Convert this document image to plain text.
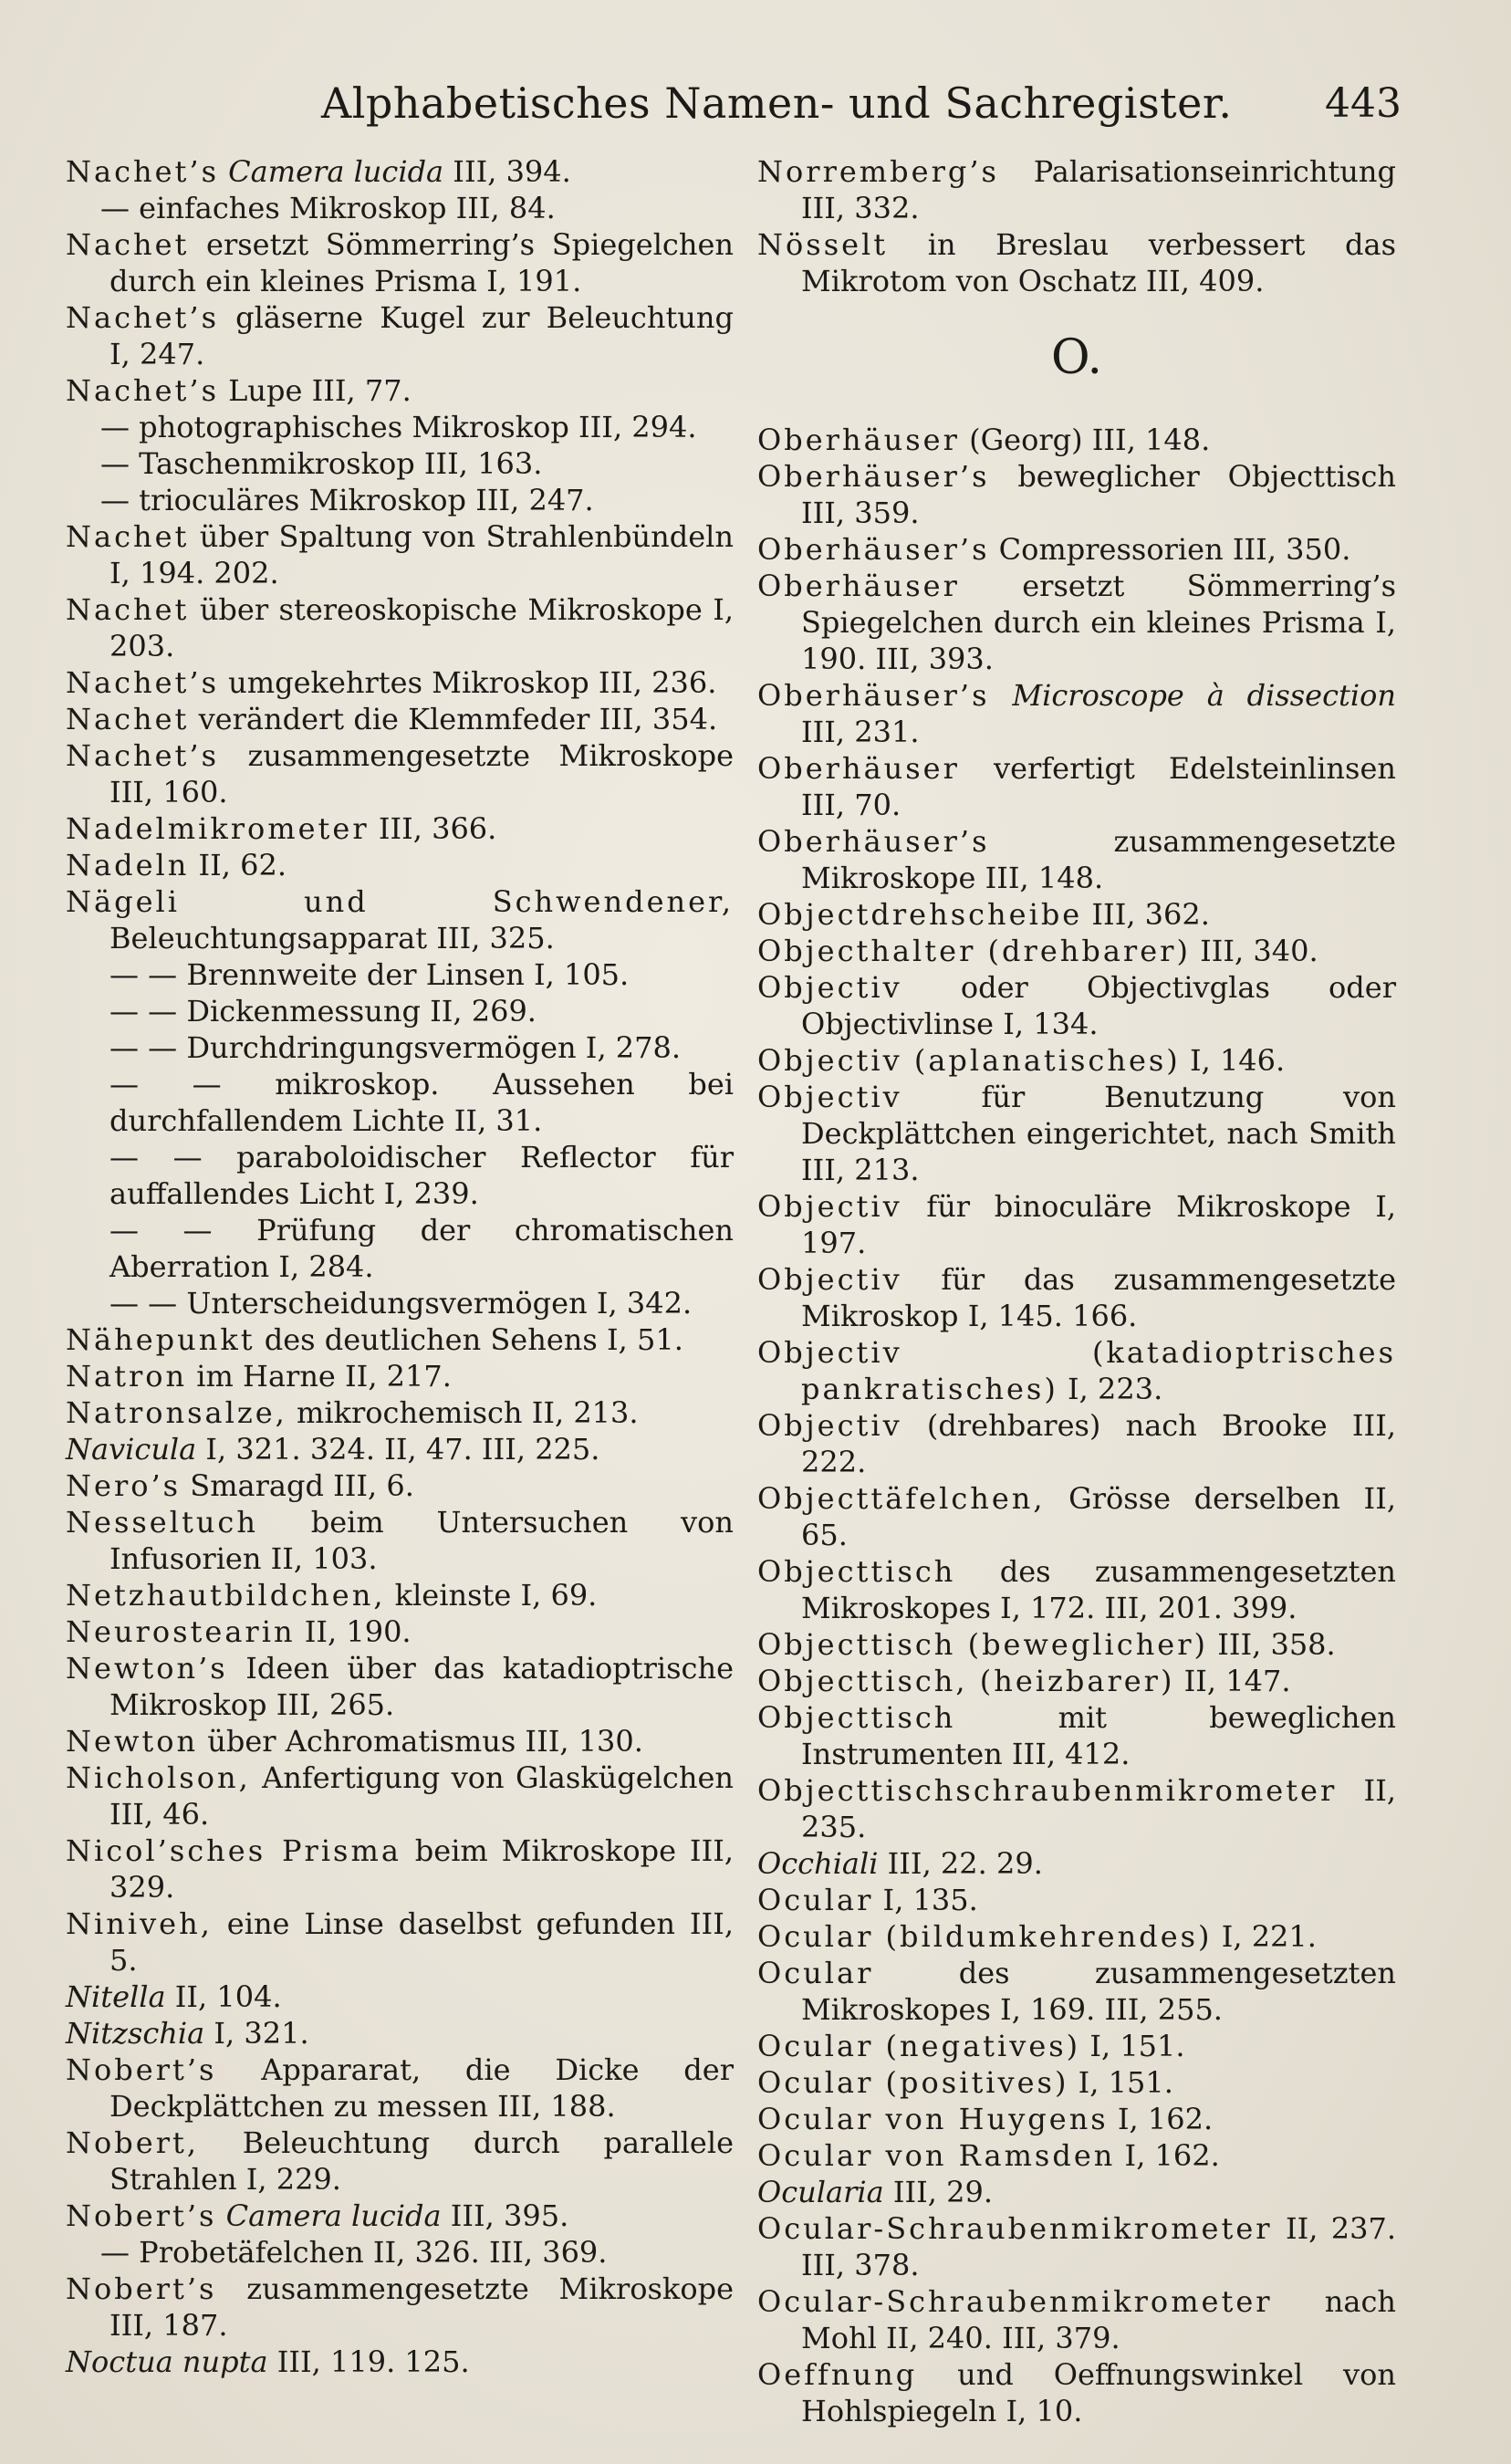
Alphabetisches Namen- und Sachregister. 443

Nachet’s Camera lucida III, 394.

— einfaches Mikroskop III, 84.

Nachet ersetzt Sömmerring’s Spiegelchen durch ein kleines Prisma I, 191.

Nachet’s gläserne Kugel zur Beleuchtung I, 247.

Nachet’s Lupe III, 77.

— photographisches Mikroskop III, 294.

— Taschenmikroskop III, 163.

— trioculäres Mikroskop III, 247.

Nachet über Spaltung von Strahlenbündeln I, 194. 202.

Nachet über stereoskopische Mikroskope I, 203.

Nachet’s umgekehrtes Mikroskop III, 236.

Nachet verändert die Klemmfeder III, 354.

Nachet’s zusammengesetzte Mikroskope III, 160.

Nadelmikrometer III, 366.

Nadeln II, 62.

Nägeli und Schwendener, Beleuchtungsapparat III, 325.

— — Brennweite der Linsen I, 105.

— — Dickenmessung II, 269.

— — Durchdringungsvermögen I, 278.

— — mikroskop. Aussehen bei durchfallendem Lichte II, 31.

— — paraboloidischer Reflector für auffallendes Licht I, 239.

— — Prüfung der chromatischen Aberration I, 284.

— — Unterscheidungsvermögen I, 342.

Nähepunkt des deutlichen Sehens I, 51.

Natron im Harne II, 217.

Natronsalze, mikrochemisch II, 213.

Navicula I, 321. 324. II, 47. III, 225.

Nero’s Smaragd III, 6.

Nesseltuch beim Untersuchen von Infusorien II, 103.

Netzhautbildchen, kleinste I, 69.

Neurostearin II, 190.

Newton’s Ideen über das katadioptrische Mikroskop III, 265.

Newton über Achromatismus III, 130.

Nicholson, Anfertigung von Glaskügelchen III, 46.

Nicol’sches Prisma beim Mikroskope III, 329.

Niniveh, eine Linse daselbst gefunden III, 5.

Nitella II, 104.

Nitzschia I, 321.

Nobert’s Appararat, die Dicke der Deckplättchen zu messen III, 188.

Nobert, Beleuchtung durch parallele Strahlen I, 229.

Nobert’s Camera lucida III, 395.

— Probetäfelchen II, 326. III, 369.

Nobert’s zusammengesetzte Mikroskope III, 187.

Noctua nupta III, 119. 125.

Norremberg’s Palarisationseinrichtung III, 332.

Nösselt in Breslau verbessert das Mikrotom von Oschatz III, 409.

O.

Oberhäuser (Georg) III, 148.

Oberhäuser’s beweglicher Objecttisch III, 359.

Oberhäuser’s Compressorien III, 350.

Oberhäuser ersetzt Sömmerring’s Spiegelchen durch ein kleines Prisma I, 190. III, 393.

Oberhäuser’s Microscope à dissection III, 231.

Oberhäuser verfertigt Edelsteinlinsen III, 70.

Oberhäuser’s	zusammengesetzte Mikroskope III, 148.

Objectdrehscheibe III, 362.

Objecthalter (drehbarer) III, 340.

Objectiv oder Objectivglas oder Objectivlinse I, 134.

Objectiv (aplanatisches) I, 146.

Objectiv	für Benutzung von Deckplättchen eingerichtet, nach Smith III, 213.

Objectiv für binoculäre Mikroskope I, 197.

Objectiv für das zusammengesetzte Mikroskop I, 145. 166.

Objectiv (katadioptrisches pankratisches) I, 223.

Objectiv (drehbares) nach Brooke III, 222.

Objecttäfelchen, Grösse derselben II, 65.

Objecttisch des zusammengesetzten Mikroskopes I, 172. III, 201. 399.

Objecttisch (beweglicher) III, 358.

Objecttisch, (heizbarer) II, 147.

Objecttisch	mit beweglichen Instrumenten III, 412.

Objecttischschraubenmikrometer II, 235.

Occhiali III, 22. 29.

Ocular I, 135.

Ocular (bildumkehrendes) I, 221.

Ocular	des zusammengesetzten Mikroskopes I, 169. III, 255.

Ocular (negatives) I, 151.

Ocular (positives) I, 151.

Ocular von Huygens I, 162.

Ocular von Ramsden I, 162.

Ocularia III, 29.

Ocular-Schraubenmikrometer II, 237. III, 378.

Ocular-Schraubenmikrometer nach Mohl II, 240. III, 379.

Oeffnung und Oeffnungswinkel von Hohlspiegeln I, 10.
